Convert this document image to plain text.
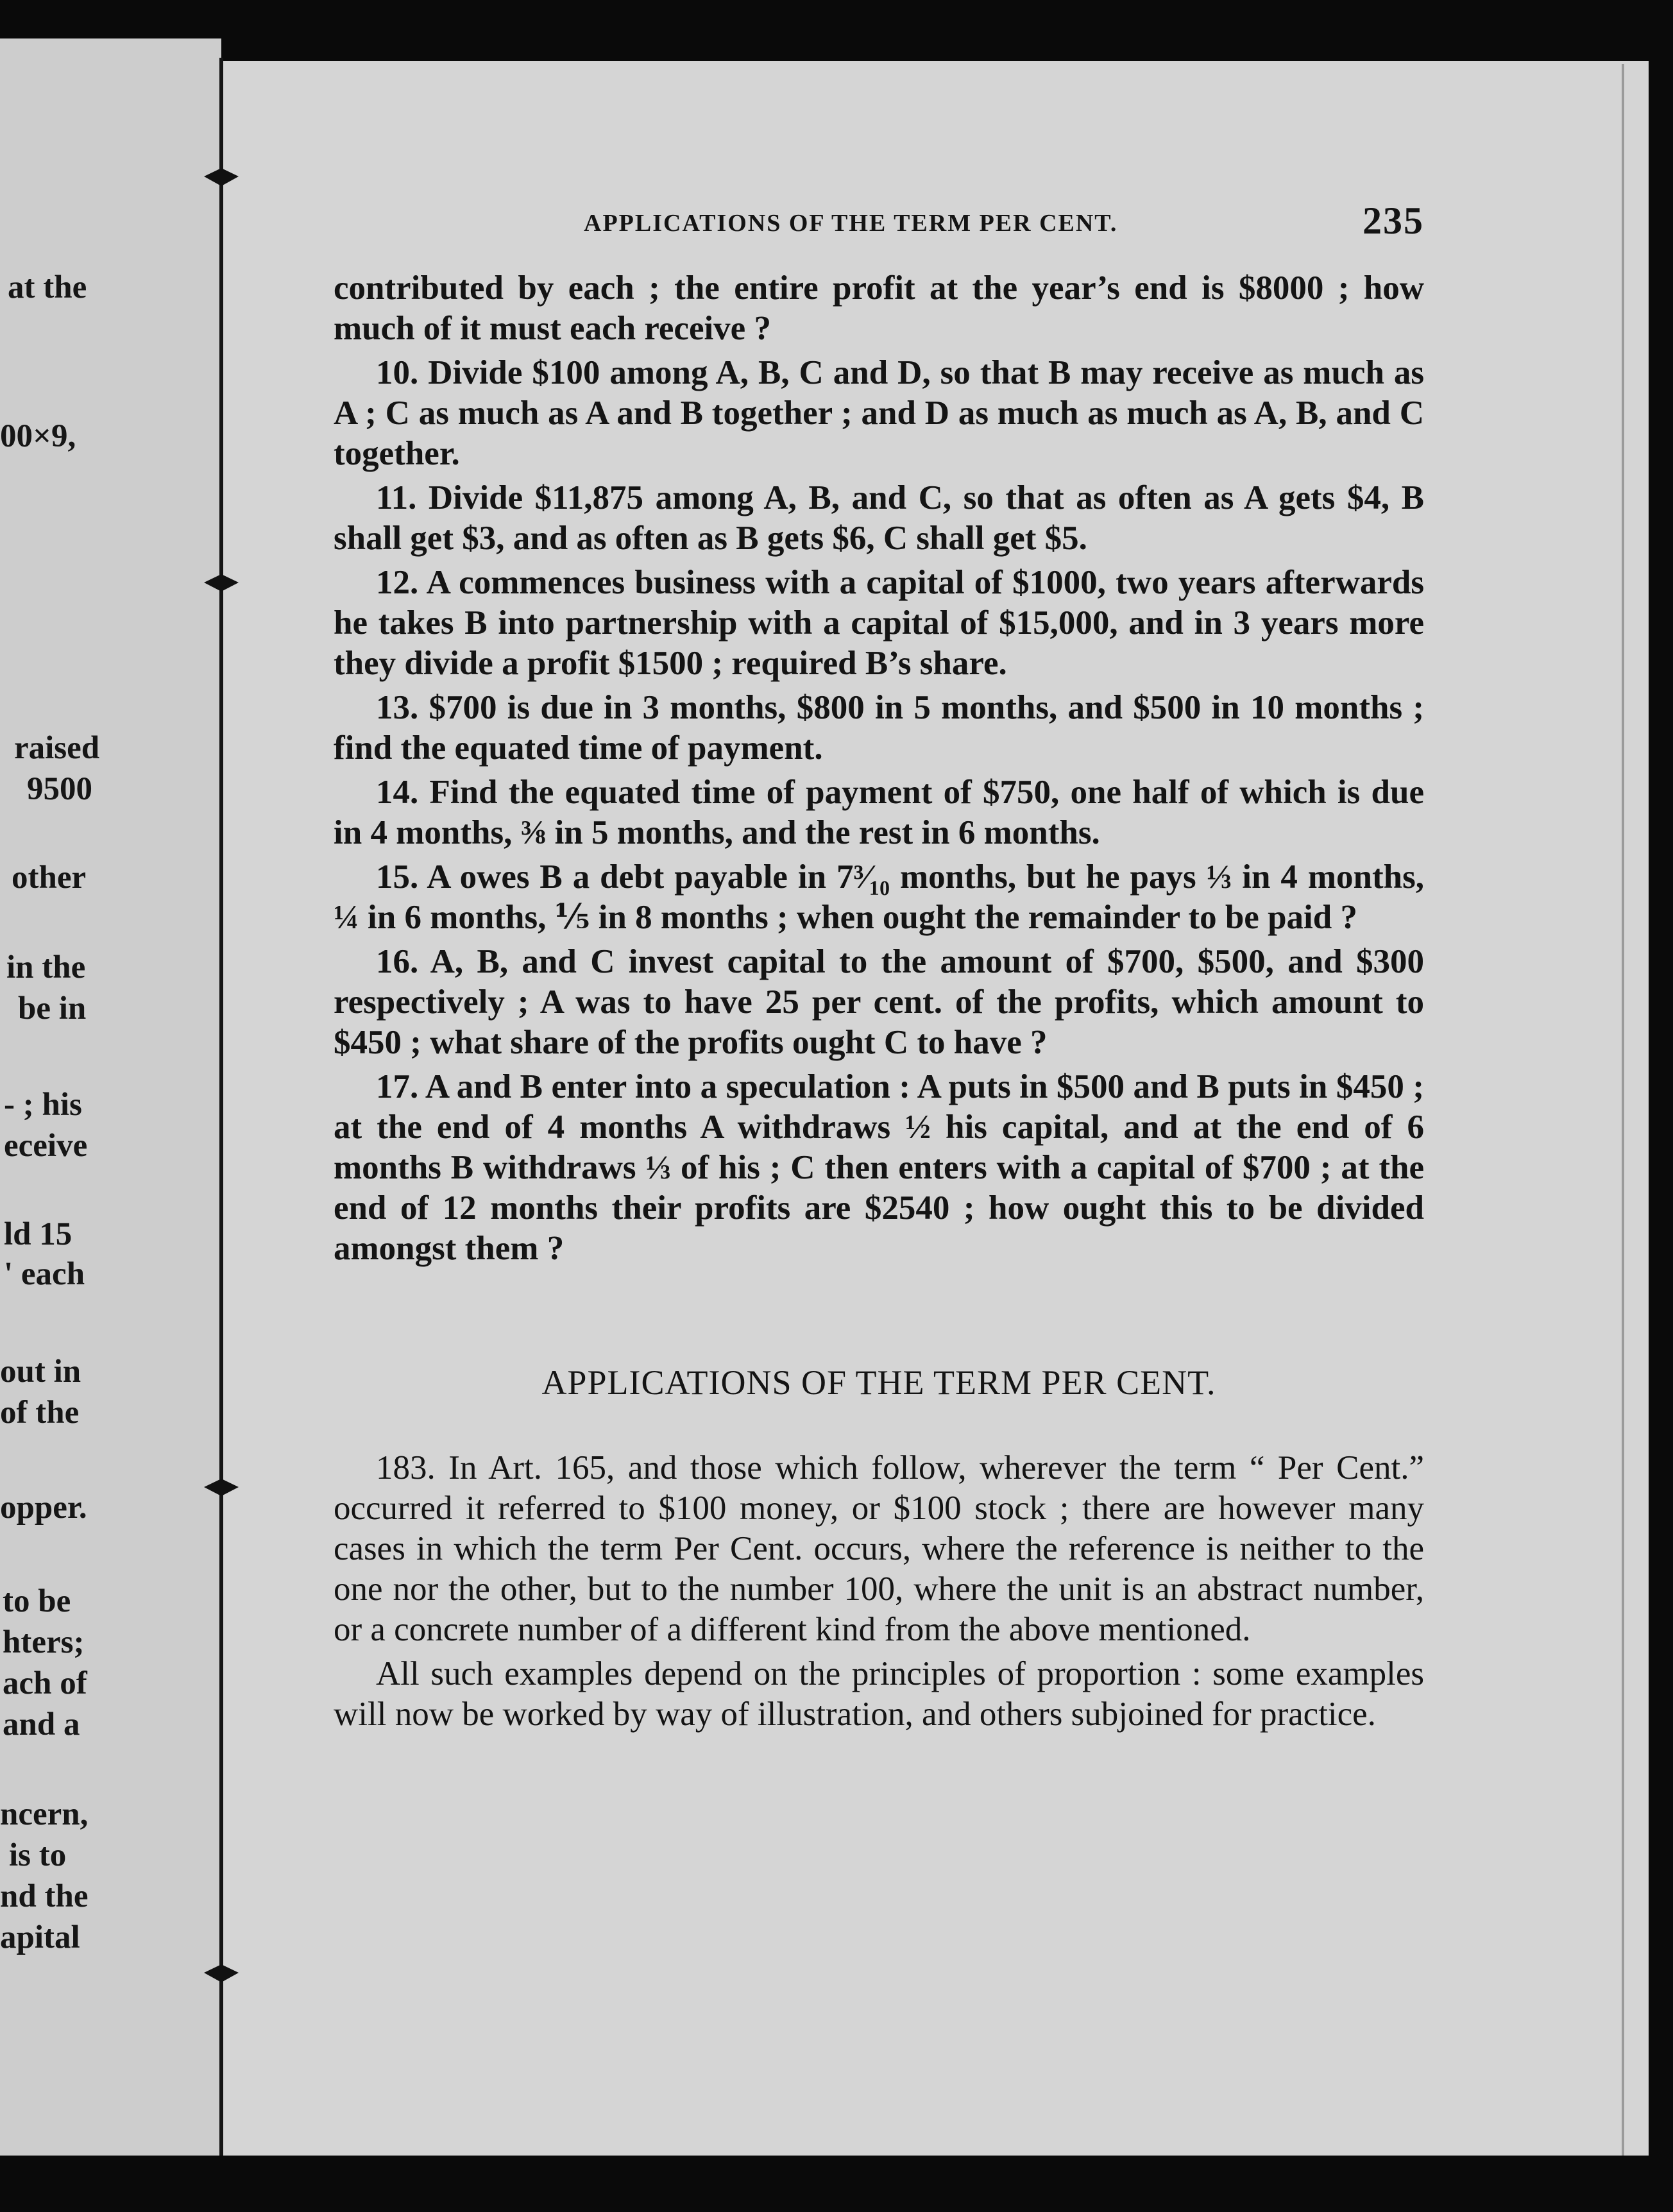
at the
00×9,
raised
9500
other
in the
be in
- ; his
eceive
ld 15
' each
out in
of the
opper.
to be
hters;
ach of
and a
ncern,
is to
nd the
apital
APPLICATIONS OF THE TERM PER CENT.	235

contributed by each ; the entire profit at the year’s end is $8000 ; how much of it must each receive ?

10. Divide $100 among A, B, C and D, so that B may receive as much as A ; C as much as A and B together ; and D as much as much as A, B, and C together.

11. Divide $11,875 among A, B, and C, so that as often as A gets $4, B shall get $3, and as often as B gets $6, C shall get $5.

12. A commences business with a capital of $1000, two years afterwards he takes B into partnership with a capital of $15,000, and in 3 years more they divide a profit $1500 ; required B’s share.

13. $700 is due in 3 months, $800 in 5 months, and $500 in 10 months ; find the equated time of payment.

14. Find the equated time of payment of $750, one half of which is due in 4 months, ⅜ in 5 months, and the rest in 6 months.

15. A owes B a debt payable in 7³⁄₁₀ months, but he pays ⅓ in 4 months, ¼ in 6 months, ⅕ in 8 months ; when ought the remainder to be paid ?

16. A, B, and C invest capital to the amount of $700, $500, and $300 respectively ; A was to have 25 per cent. of the profits, which amount to $450 ; what share of the profits ought C to have ?

17. A and B enter into a speculation : A puts in $500 and B puts in $450 ; at the end of 4 months A withdraws ½ his capital, and at the end of 6 months B withdraws ⅓ of his ; C then enters with a capital of $700 ; at the end of 12 months their profits are $2540 ; how ought this to be divided amongst them ?

APPLICATIONS OF THE TERM PER CENT.

183. In Art. 165, and those which follow, wherever the term “ Per Cent.” occurred it referred to $100 money, or $100 stock ; there are however many cases in which the term Per Cent. occurs, where the reference is neither to the one nor the other, but to the number 100, where the unit is an abstract number, or a concrete number of a different kind from the above mentioned.

All such examples depend on the principles of proportion : some examples will now be worked by way of illustration, and others subjoined for practice.
